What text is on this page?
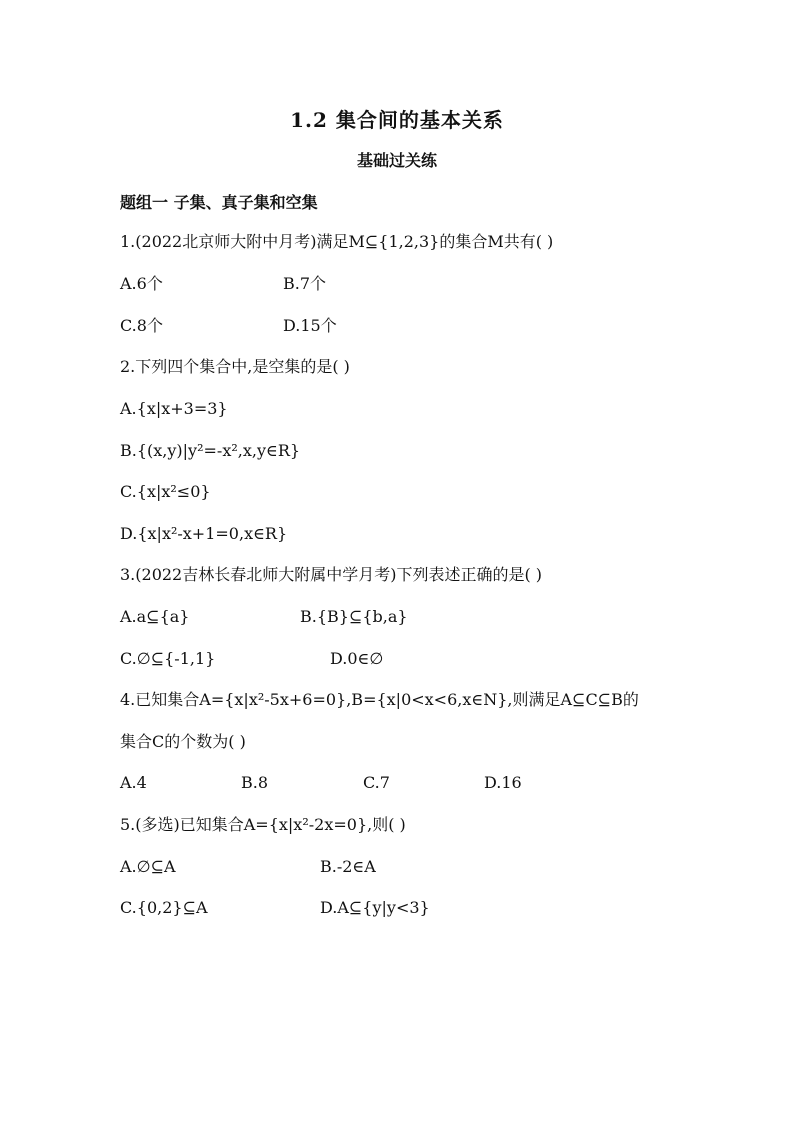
1.2 集合间的基本关系
基础过关练
题组一 子集、真子集和空集
1.(2022北京师大附中月考)满足M⊆{1,2,3}的集合M共有( )
A.6个	B.7个
C.8个	D.15个
2.下列四个集合中,是空集的是( )
A.{x|x+3=3}
B.{(x,y)|y²=-x²,x,y∈R}
C.{x|x²≤0}
D.{x|x²-x+1=0,x∈R}
3.(2022吉林长春北师大附属中学月考)下列表述正确的是( )
A.a⊆{a}	B.{B}⊆{b,a}
C.∅⊆{-1,1}	D.0∈∅
4.已知集合A={x|x²-5x+6=0},B={x|0<x<6,x∈N},则满足A⊆C⊆B的
集合C的个数为( )
A.4	B.8	C.7	D.16
5.(多选)已知集合A={x|x²-2x=0},则( )
A.∅⊆A	B.-2∈A
C.{0,2}⊆A	D.A⊆{y|y<3}
